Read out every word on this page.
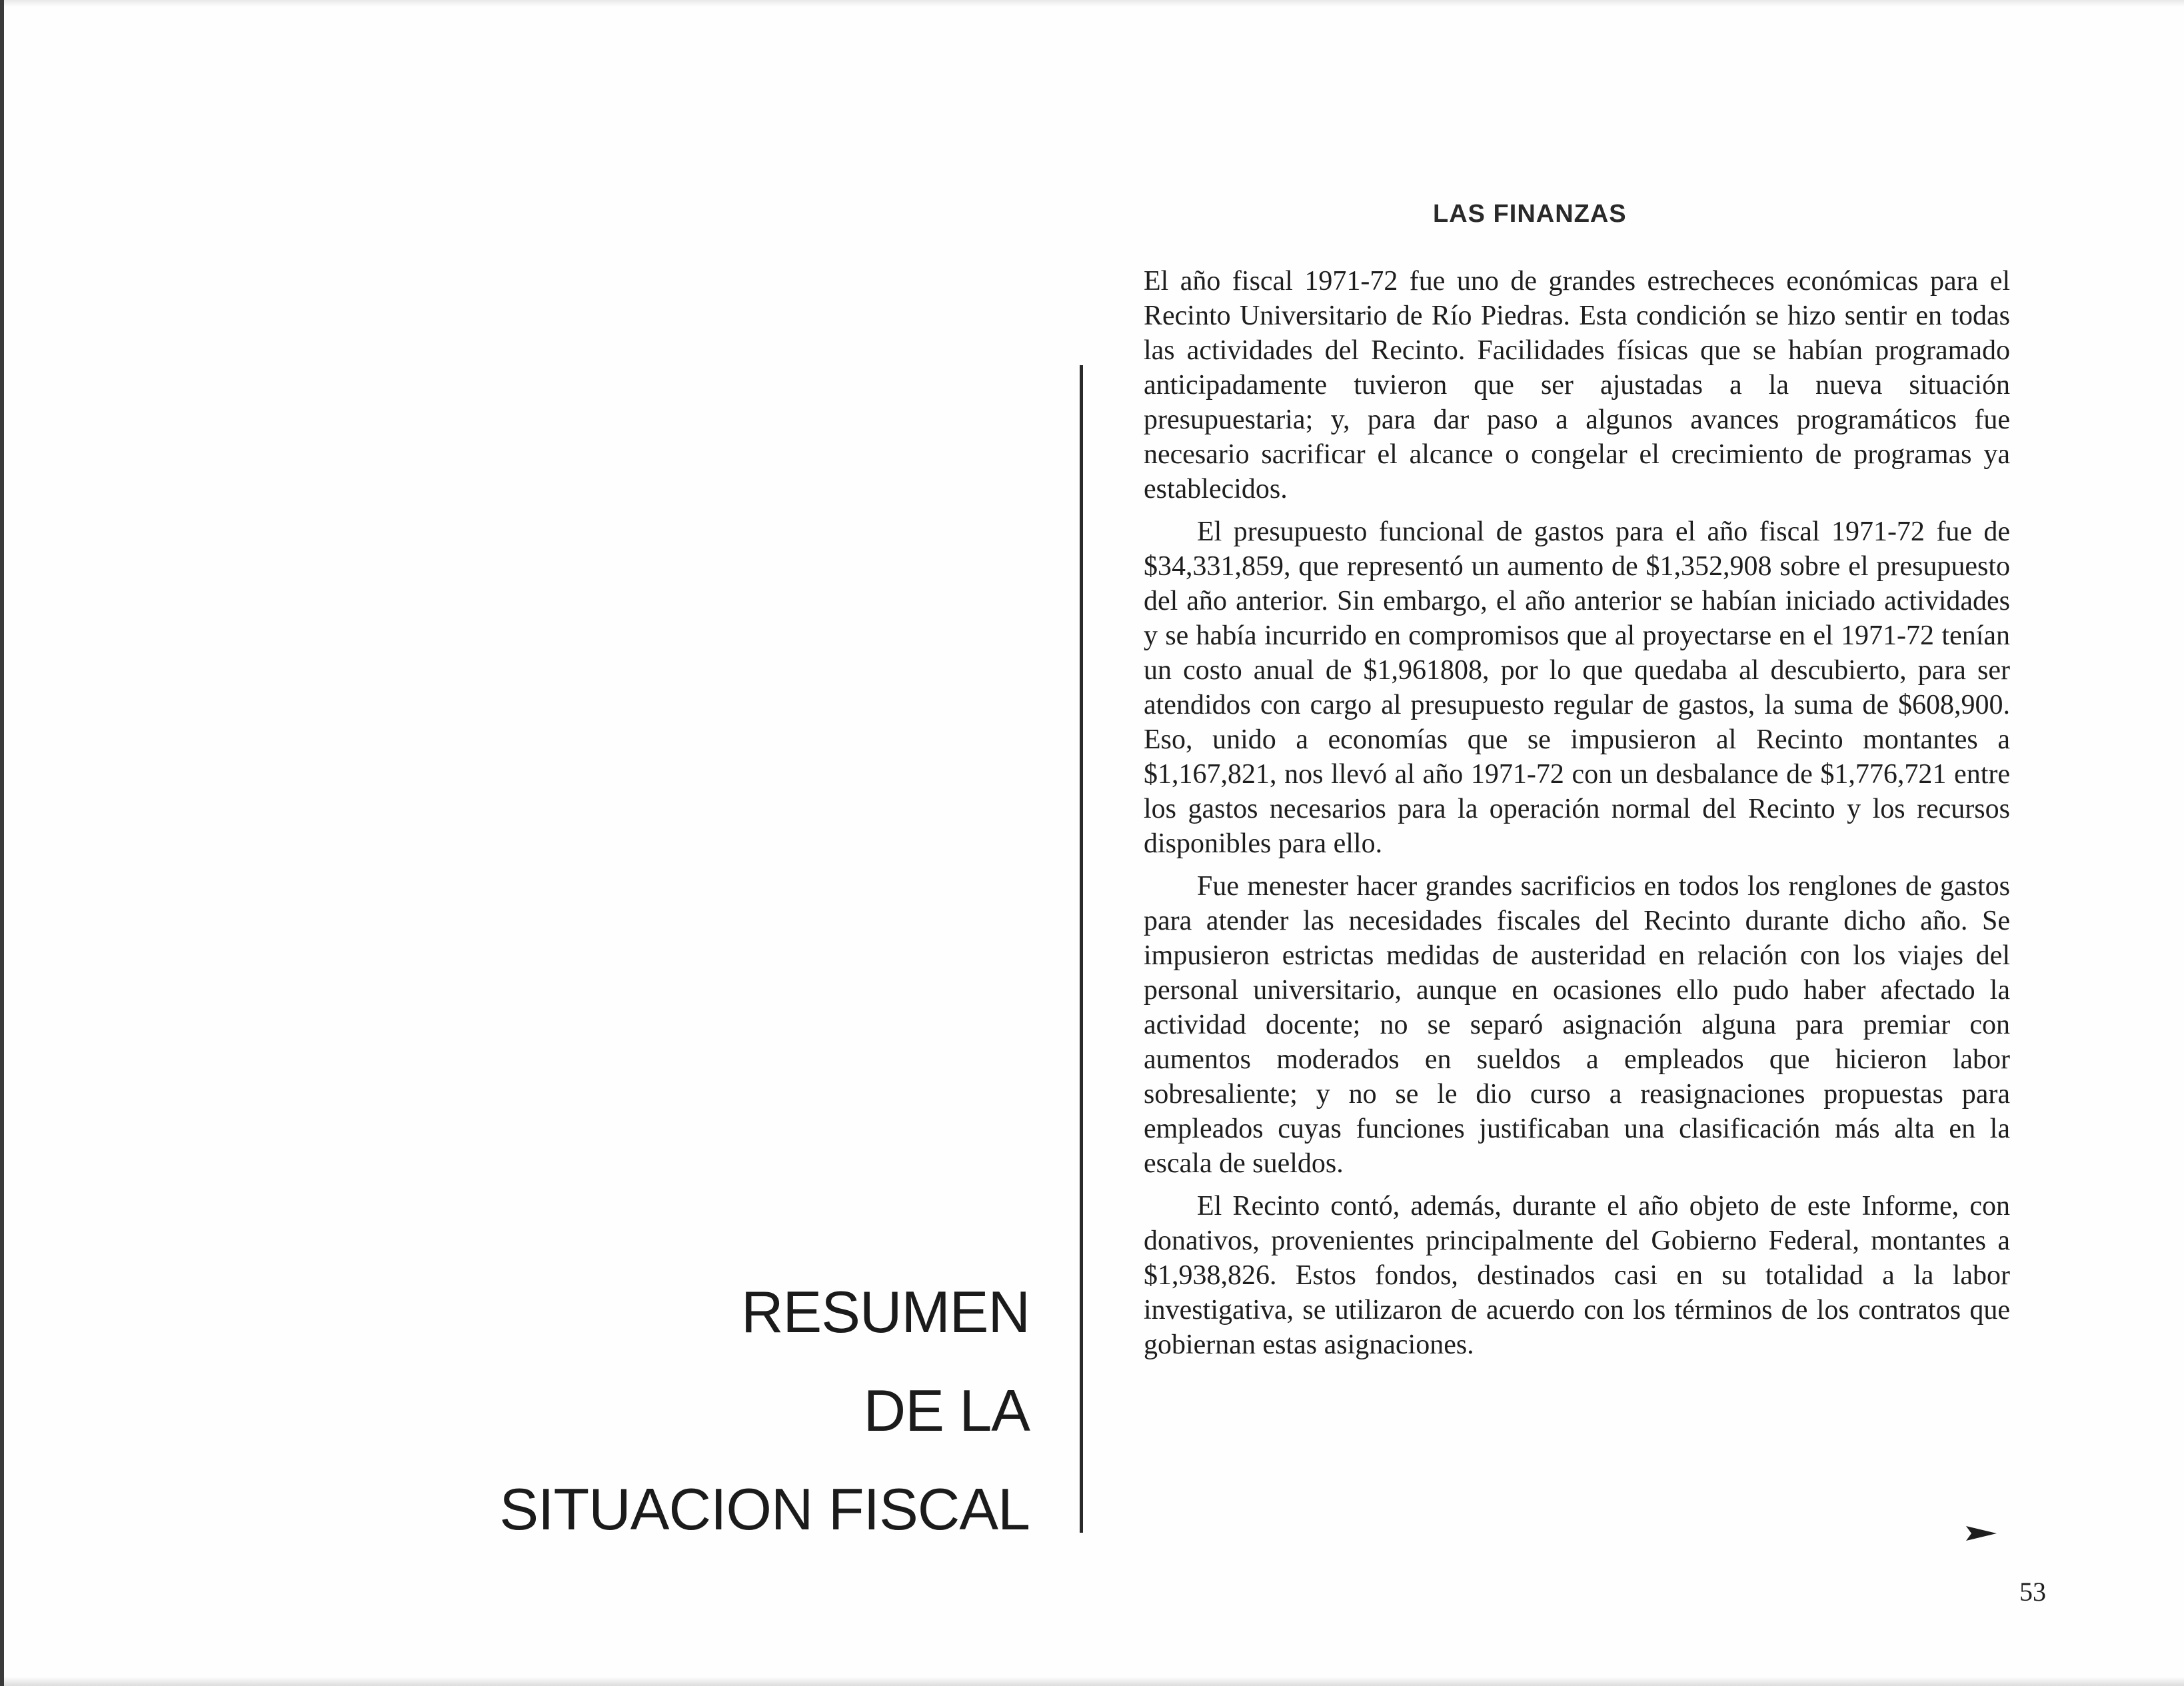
RESUMEN
DE LA
SITUACION FISCAL
LAS FINANZAS

El año fiscal 1971-72 fue uno de grandes estrecheces económicas para el Recinto Universitario de Río Piedras. Esta condición se hizo sentir en todas las actividades del Recinto. Facilidades físicas que se habían programado anticipadamente tuvieron que ser ajustadas a la nueva situación presupuestaria; y, para dar paso a algunos avances programáticos fue necesario sacrificar el alcance o congelar el crecimiento de programas ya establecidos.

El presupuesto funcional de gastos para el año fiscal 1971-72 fue de $34,331,859, que representó un aumento de $1,352,908 sobre el presupuesto del año anterior. Sin embargo, el año anterior se habían iniciado actividades y se había incurrido en compromisos que al proyectarse en el 1971-72 tenían un costo anual de $1,961808, por lo que quedaba al descubierto, para ser atendidos con cargo al presupuesto regular de gastos, la suma de $608,900. Eso, unido a economías que se impusieron al Recinto montantes a $1,167,821, nos llevó al año 1971-72 con un desbalance de $1,776,721 entre los gastos necesarios para la operación normal del Recinto y los recursos disponibles para ello.

Fue menester hacer grandes sacrificios en todos los renglones de gastos para atender las necesidades fiscales del Recinto durante dicho año. Se impusieron estrictas medidas de austeridad en relación con los viajes del personal universitario, aunque en ocasiones ello pudo haber afectado la actividad docente; no se separó asignación alguna para premiar con aumentos moderados en sueldos a empleados que hicieron labor sobresaliente; y no se le dio curso a reasignaciones propuestas para empleados cuyas funciones justificaban una clasificación más alta en la escala de sueldos.

El Recinto contó, además, durante el año objeto de este Informe, con donativos, provenientes principalmente del Gobierno Federal, montantes a $1,938,826. Estos fondos, destinados casi en su totalidad a la labor investigativa, se utilizaron de acuerdo con los términos de los contratos que gobiernan estas asignaciones.

53
